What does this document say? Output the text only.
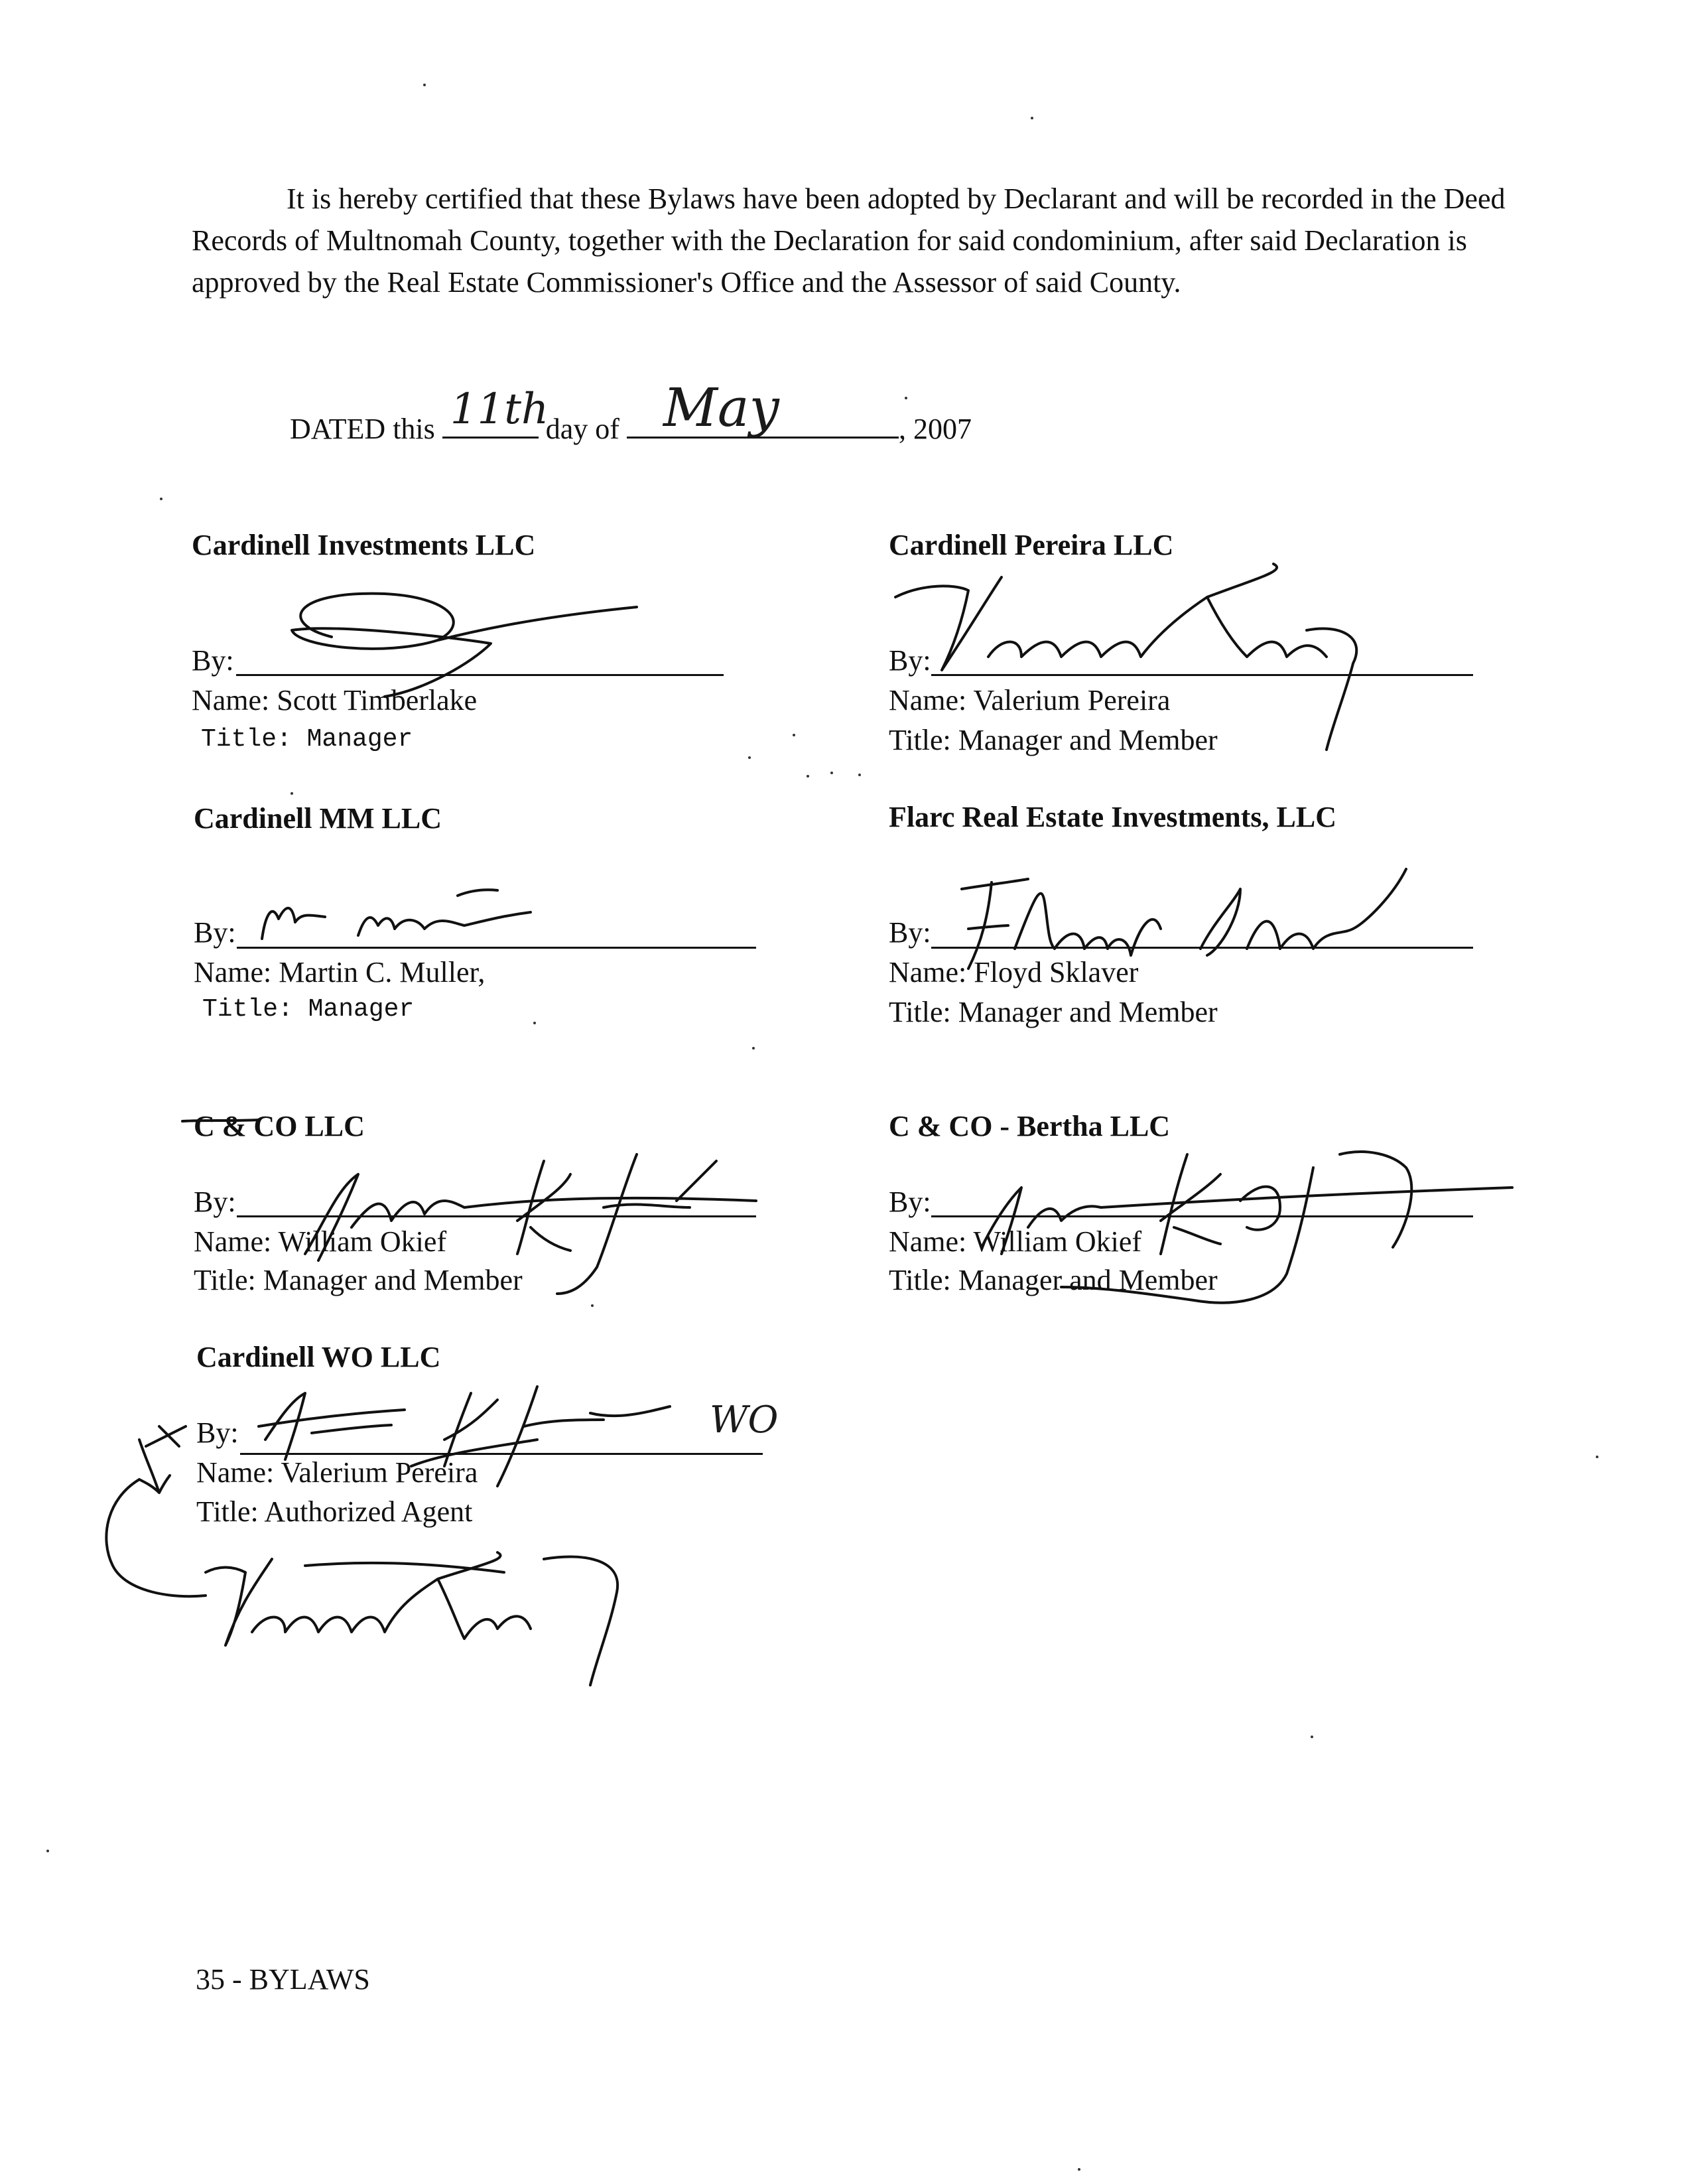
It is hereby certified that these Bylaws have been adopted by Declarant and will be recorded in the Deed Records of Multnomah County, together with the Declaration for said condominium, after said Declaration is approved by the Real Estate Commissioner's Office and the Assessor of said County.

DATED this 11th
day of May	, 2007
Cardinell Investments LLC
By:
Name: Scott Timberlake
Title: Manager
Cardinell Pereira LLC
By:
Name: Valerium Pereira
Title: Manager and Member
Cardinell MM LLC
By:
Name: Martin C. Muller,
Title: Manager
Flarc Real Estate Investments, LLC
By:
Name: Floyd Sklaver
Title: Manager and Member
C & CO LLC
By:
Name: William Okief
Title: Manager and Member
C & CO - Bertha LLC
By:
Name: William Okief
Title: Manager and Member
Cardinell WO LLC
WO
By:
Name: Valerium Pereira
Title: Authorized Agent
35 - BYLAWS
